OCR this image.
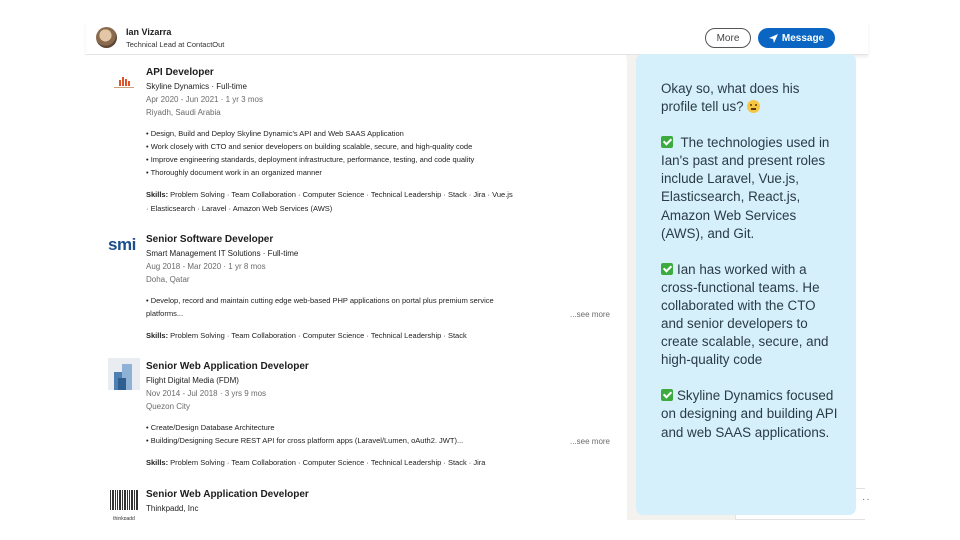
Ian Vizarra
Technical Lead at ContactOut
More	Message
··
API Developer
Skyline Dynamics · Full-time
Apr 2020 - Jun 2021 · 1 yr 3 mos
Riyadh, Saudi Arabia
• Design, Build and Deploy Skyline Dynamic's API and Web SAAS Application
• Work closely with CTO and senior developers on building scalable, secure, and high-quality code
• Improve engineering standards, deployment infrastructure, performance, testing, and code quality
• Thoroughly document work in an organized manner
Skills: Problem Solving · Team Collaboration · Computer Science · Technical Leadership · Stack · Jira · Vue.js
· Elasticsearch · Laravel · Amazon Web Services (AWS)
smi	Senior Software Developer
Smart Management IT Solutions · Full-time
Aug 2018 - Mar 2020 · 1 yr 8 mos
Doha, Qatar
• Develop, record and maintain cutting edge web-based PHP applications on portal plus premium service
platforms...	...see more
Skills: Problem Solving · Team Collaboration · Computer Science · Technical Leadership · Stack
Senior Web Application Developer
Flight Digital Media (FDM)
Nov 2014 - Jul 2018 · 3 yrs 9 mos
Quezon City
• Create/Design Database Architecture
• Building/Designing Secure REST API for cross platform apps (Laravel/Lumen, oAuth2. JWT)...	...see more
Skills: Problem Solving · Team Collaboration · Computer Science · Technical Leadership · Stack · Jira
thinkpadd
Senior Web Application Developer
Thinkpadd, Inc

Okay so, what does his profile tell us?

The technologies used in Ian's past and present roles include Laravel, Vue.js, Elasticsearch, React.js, Amazon Web Services (AWS), and Git.

Ian has worked with a cross-functional teams. He collaborated with the CTO and senior developers to create scalable, secure, and high-quality code

Skyline Dynamics focused on designing and building API and web SAAS applications.
